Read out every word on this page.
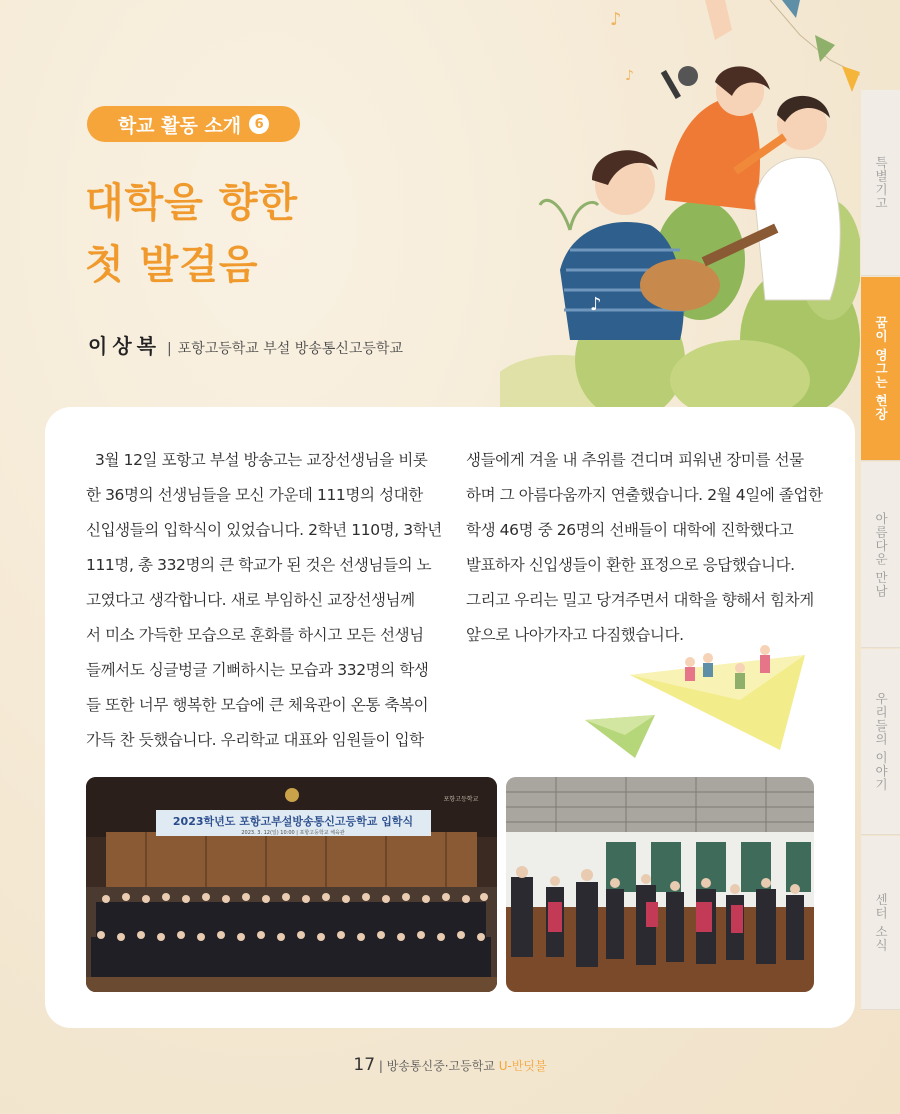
학교 활동 소개	6
대학을 향한
첫 발걸음
이상복 | 포항고등학교 부설 방송통신고등학교
♪
♪
♪

3월 12일 포항고 부설 방송고는 교장선생님을 비롯

한 36명의 선생님들을 모신 가운데 111명의 성대한

신입생들의 입학식이 있었습니다. 2학년 110명, 3학년

111명, 총 332명의 큰 학교가 된 것은 선생님들의 노

고였다고 생각합니다. 새로 부임하신 교장선생님께

서 미소 가득한 모습으로 훈화를 하시고 모든 선생님

들께서도 싱글벙글 기뻐하시는 모습과 332명의 학생

들 또한 너무 행복한 모습에 큰 체육관이 온통 축복이

가득 찬 듯했습니다. 우리학교 대표와 임원들이 입학

생들에게 겨울 내 추위를 견디며 피워낸 장미를 선물

하며 그 아름다움까지 연출했습니다. 2월 4일에 졸업한

학생 46명 중 26명의 선배들이 대학에 진학했다고

발표하자 신입생들이 환한 표정으로 응답했습니다.

그리고 우리는 밀고 당겨주면서 대학을 향해서 힘차게

앞으로 나아가자고 다짐했습니다.

2023학년도 포항고부설방송통신고등학교 입학식
2023. 3. 12(일) 10:00 | 포항고등학교 체육관
포항고등학교
특별기고
꿈이 영그는 현장
아름다운 만남
우리들의 이야기
센터 소식
17 | 방송통신중·고등학교 U-반딧불
